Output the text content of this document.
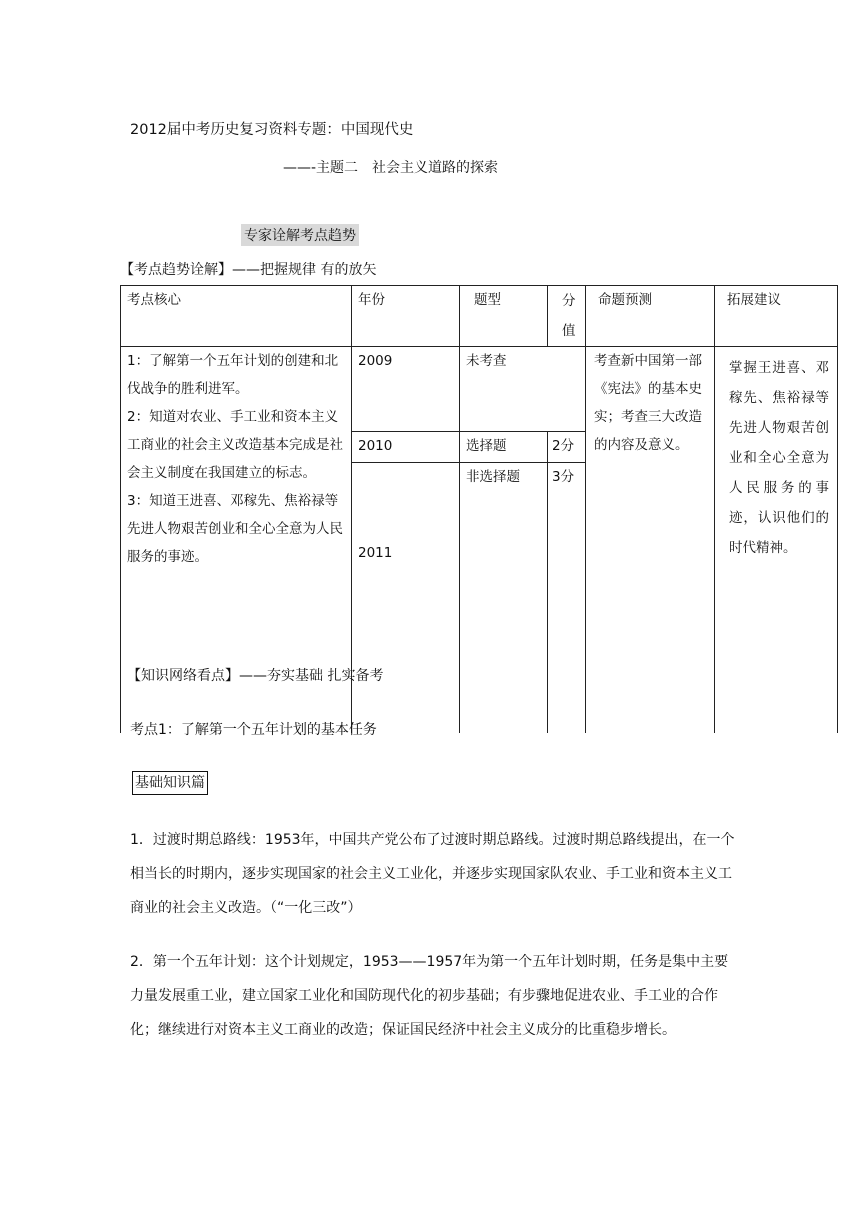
2012届中考历史复习资料专题：中国现代史
——-主题二　社会主义道路的探索
专家诠解考点趋势
【考点趋势诠解】——把握规律 有的放矢
考点核心	年份	题型	分值	命题预测	拓展建议

1：了解第一个五年计划的创建和北伐战争的胜利进军。
2：知道对农业、手工业和资本主义工商业的社会主义改造基本完成是社会主义制度在我国建立的标志。
3：知道王进喜、邓稼先、焦裕禄等先进人物艰苦创业和全心全意为人民服务的事迹。	2009	未考查		考查新中国第一部《宪法》的基本史实；考查三大改造的内容及意义。	掌握王进喜、邓稼先、焦裕禄等先进人物艰苦创业和全心全意为人民服务的事迹，认识他们的时代精神。
	2010	选择题	2分		
	2011	非选择题	3分		
【知识网络看点】——夯实基础 扎实备考
考点1：了解第一个五年计划的基本任务
基础知识篇
1．过渡时期总路线：1953年，中国共产党公布了过渡时期总路线。过渡时期总路线提出，在一个相当长的时期内，逐步实现国家的社会主义工业化，并逐步实现国家队农业、手工业和资本主义工商业的社会主义改造。（“一化三改”）
2．第一个五年计划：这个计划规定，1953——1957年为第一个五年计划时期，任务是集中主要力量发展重工业，建立国家工业化和国防现代化的初步基础；有步骤地促进农业、手工业的合作化；继续进行对资本主义工商业的改造；保证国民经济中社会主义成分的比重稳步增长。
